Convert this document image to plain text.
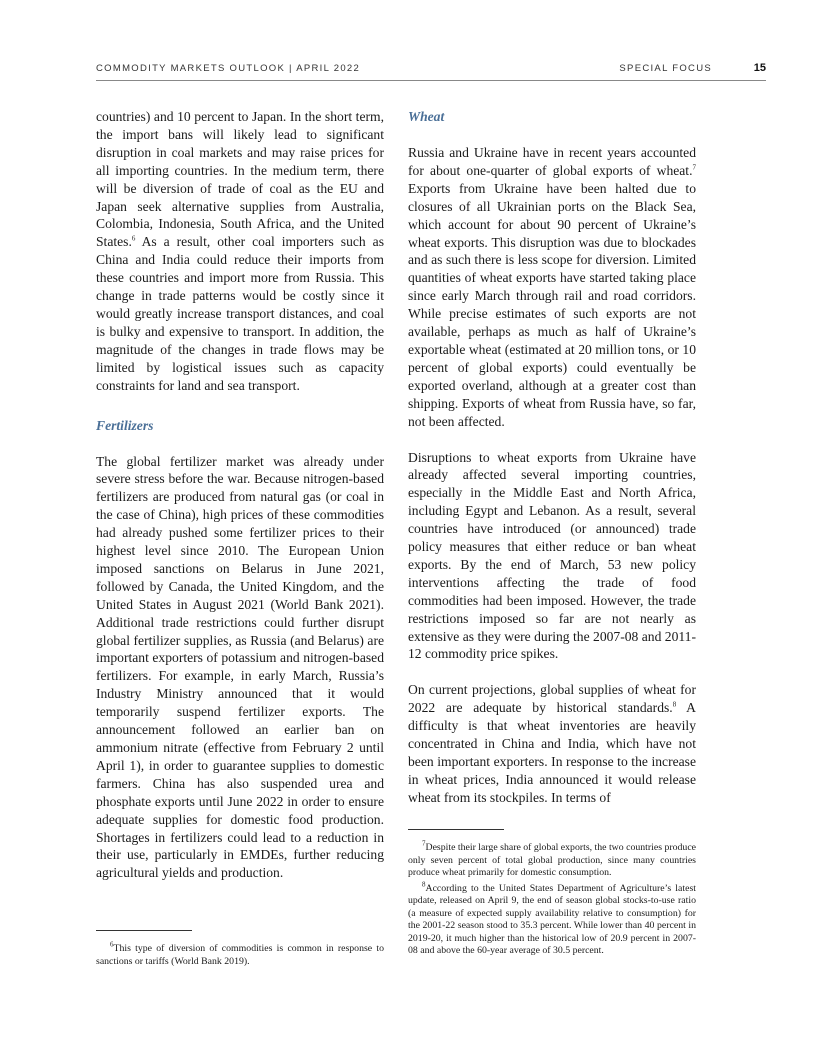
COMMODITY MARKETS OUTLOOK | APRIL 2022	SPECIAL FOCUS	15

countries) and 10 percent to Japan. In the short term, the import bans will likely lead to significant disruption in coal markets and may raise prices for all importing countries. In the medium term, there will be diversion of trade of coal as the EU and Japan seek alternative supplies from Australia, Colombia, Indonesia, South Africa, and the United States.$^6$ As a result, other coal importers such as China and India could reduce their imports from these countries and import more from Russia. This change in trade patterns would be costly since it would greatly increase transport distances, and coal is bulky and expensive to transport. In addition, the magnitude of the changes in trade flows may be limited by logistical issues such as capacity constraints for land and sea transport.

Fertilizers

The global fertilizer market was already under severe stress before the war. Because nitrogen-based fertilizers are produced from natural gas (or coal in the case of China), high prices of these commodities had already pushed some fertilizer prices to their highest level since 2010. The European Union imposed sanctions on Belarus in June 2021, followed by Canada, the United Kingdom, and the United States in August 2021 (World Bank 2021). Additional trade restrictions could further disrupt global fertilizer supplies, as Russia (and Belarus) are important exporters of potassium and nitrogen-based fertilizers. For example, in early March, Russia’s Industry Ministry announced that it would temporarily suspend fertilizer exports. The announcement followed an earlier ban on ammonium nitrate (effective from February 2 until April 1), in order to guarantee supplies to domestic farmers. China has also suspended urea and phosphate exports until June 2022 in order to ensure adequate supplies for domestic food production. Shortages in fertilizers could lead to a reduction in their use, particularly in EMDEs, further reducing agricultural yields and production.

Wheat

Russia and Ukraine have in recent years accounted for about one-quarter of global exports of wheat.$^7$ Exports from Ukraine have been halted due to closures of all Ukrainian ports on the Black Sea, which account for about 90 percent of Ukraine’s wheat exports. This disruption was due to blockades and as such there is less scope for diversion. Limited quantities of wheat exports have started taking place since early March through rail and road corridors. While precise estimates of such exports are not available, perhaps as much as half of Ukraine’s exportable wheat (estimated at 20 million tons, or 10 percent of global exports) could eventually be exported overland, although at a greater cost than shipping. Exports of wheat from Russia have, so far, not been affected.

Disruptions to wheat exports from Ukraine have already affected several importing countries, especially in the Middle East and North Africa, including Egypt and Lebanon. As a result, several countries have introduced (or announced) trade policy measures that either reduce or ban wheat exports. By the end of March, 53 new policy interventions affecting the trade of food commodities had been imposed. However, the trade restrictions imposed so far are not nearly as extensive as they were during the 2007-08 and 2011-12 commodity price spikes.

On current projections, global supplies of wheat for 2022 are adequate by historical standards.$^8$ A difficulty is that wheat inventories are heavily concentrated in China and India, which have not been important exporters. In response to the increase in wheat prices, India announced it would release wheat from its stockpiles. In terms of

$^6$This type of diversion of commodities is common in response to sanctions or tariffs (World Bank 2019).
$^7$Despite their large share of global exports, the two countries produce only seven percent of total global production, since many countries produce wheat primarily for domestic consumption.
$^8$According to the United States Department of Agriculture’s latest update, released on April 9, the end of season global stocks-to-use ratio (a measure of expected supply availability relative to consumption) for the 2001-22 season stood to 35.3 percent. While lower than 40 percent in 2019-20, it much higher than the historical low of 20.9 percent in 2007-08 and above the 60-year average of 30.5 percent.
